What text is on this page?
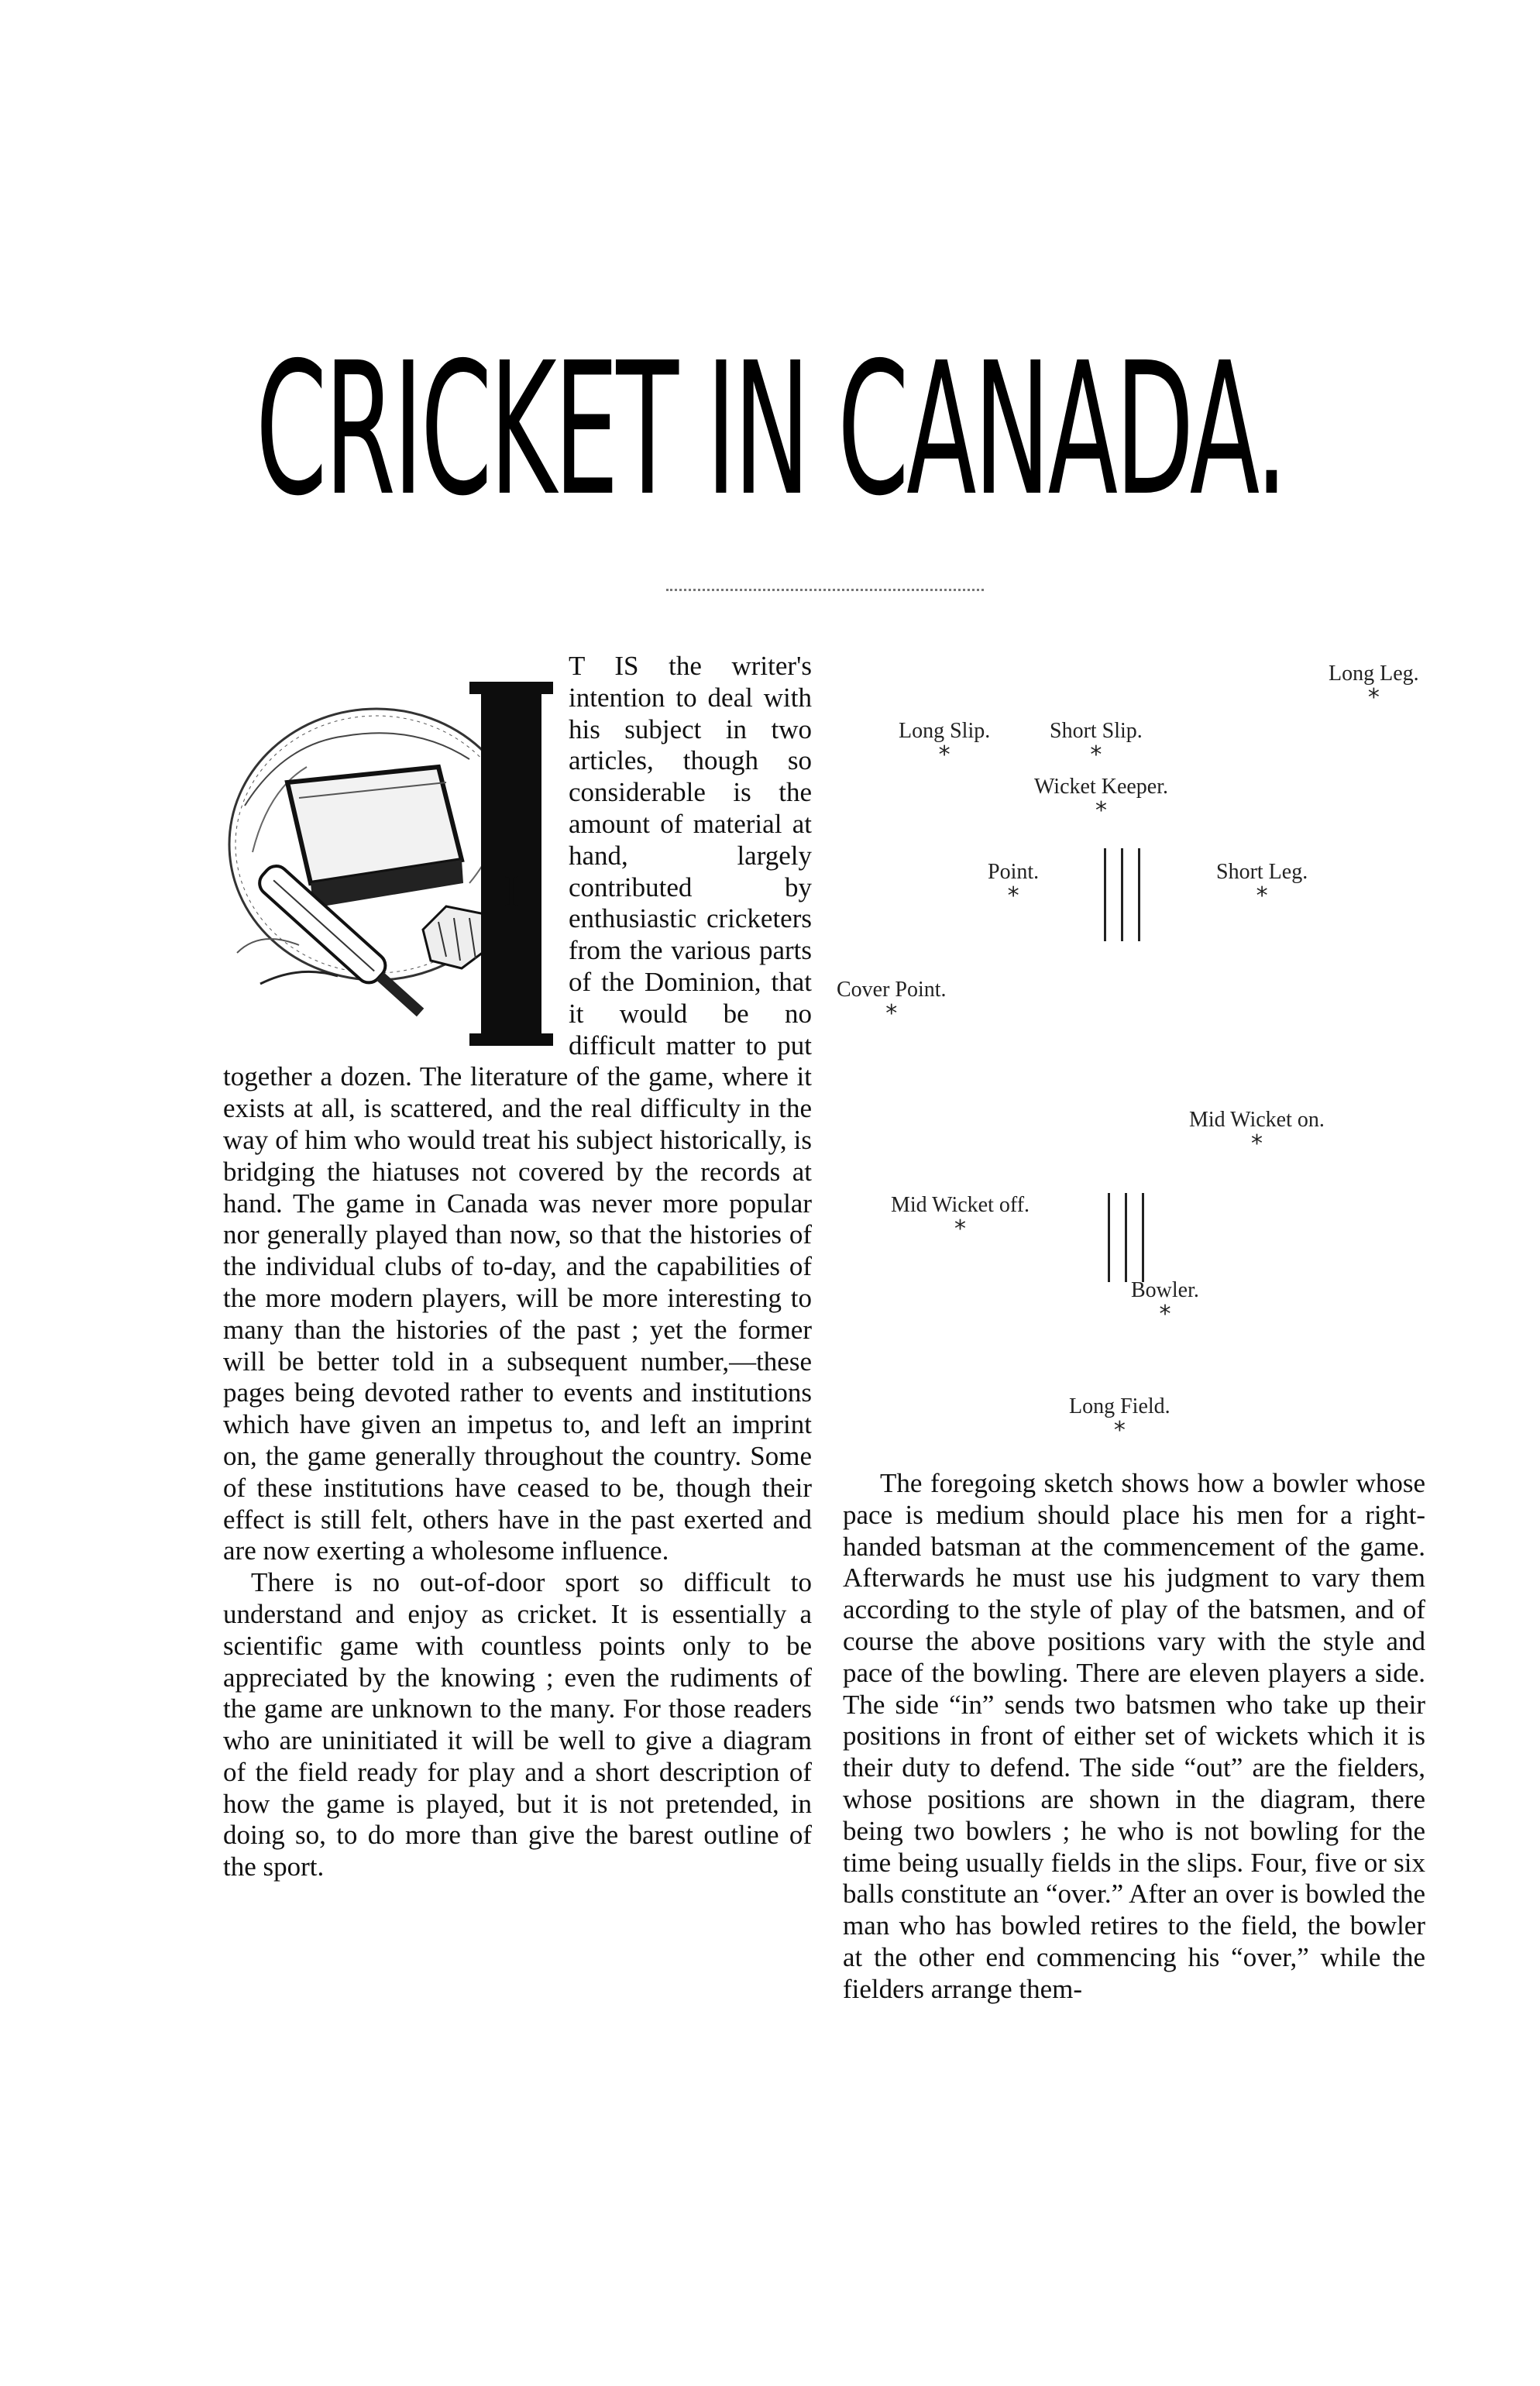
CRICKET IN CANADA.
I

T IS the writer's intention to deal with his subject in two articles, though so considerable is the amount of material at hand, largely contributed by enthusiastic cricketers from the various parts of the Dominion, that it would be no difficult matter to put together a dozen. The literature of the game, where it exists at all, is scattered, and the real difficulty in the way of him who would treat his subject historically, is bridging the hiatuses not covered by the records at hand. The game in Canada was never more popular nor generally played than now, so that the histories of the individual clubs of to-day, and the capabilities of the more modern players, will be more interesting to many than the histories of the past ; yet the former will be better told in a subsequent number,—these pages being devoted rather to events and institutions which have given an impetus to, and left an imprint on, the game generally throughout the country. Some of these institutions have ceased to be, though their effect is still felt, others have in the past exerted and are now exerting a wholesome influence.

There is no out-of-door sport so difficult to understand and enjoy as cricket. It is essentially a scientific game with countless points only to be appreciated by the knowing ; even the rudiments of the game are unknown to the many. For those readers who are uninitiated it will be well to give a diagram of the field ready for play and a short description of how the game is played, but it is not pretended, in doing so, to do more than give the barest outline of the sport.

Long Leg.
*
Long Slip.
*
Short Slip.
*
Wicket Keeper.
*
Point.
*
Short Leg.
*
Cover Point.
*
Mid Wicket on.
*
Mid Wicket off.
*
Bowler.
*
Long Field.
*

The foregoing sketch shows how a bowler whose pace is medium should place his men for a right-handed batsman at the commencement of the game. Afterwards he must use his judgment to vary them according to the style of play of the batsmen, and of course the above positions vary with the style and pace of the bowling. There are eleven players a side. The side “in” sends two batsmen who take up their positions in front of either set of wickets which it is their duty to defend. The side “out” are the fielders, whose positions are shown in the diagram, there being two bowlers ; he who is not bowling for the time being usually fields in the slips. Four, five or six balls constitute an “over.” After an over is bowled the man who has bowled retires to the field, the bowler at the other end commencing his “over,” while the fielders arrange them-
